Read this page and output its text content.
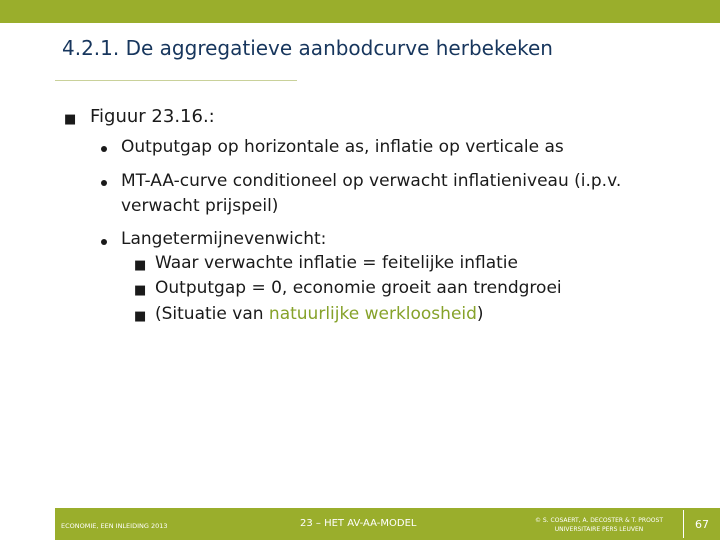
4.2.1. De aggregatieve aanbodcurve herbekeken
■ Figuur 23.16.:
Outputgap op horizontale as, inflatie op verticale as
MT-AA-curve conditioneel op verwacht inflatieniveau (i.p.v.
verwacht prijspeil)
Langetermijnevenwicht:
■ Waar verwachte inflatie = feitelijke inflatie
■ Outputgap = 0, economie groeit aan trendgroei
■ (Situatie van natuurlijke werkloosheid)
ECONOMIE, EEN INLEIDING 2013	23 – HET AV-AA-MODEL	© S. COSAERT, A. DECOSTER & T. PROOST
UNIVERSITAIRE PERS LEUVEN	67
